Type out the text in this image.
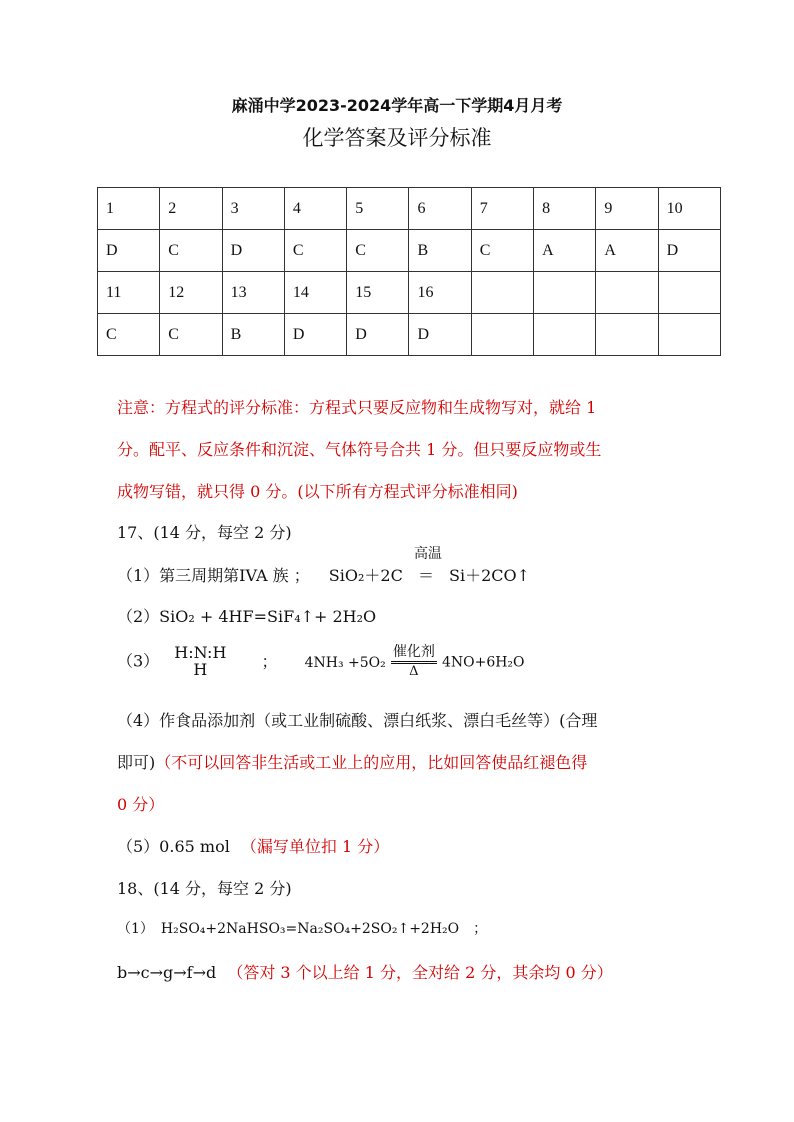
麻涌中学2023-2024学年高一下学期4月月考
化学答案及评分标准
1	2	3	4	5	6	7	8	9	10
D	C	D	C	C	B	C	A	A	D
11	12	13	14	15	16				
C	C	B	D	D	D				
注意：方程式的评分标准：方程式只要反应物和生成物写对，就给 1
分。配平、反应条件和沉淀、气体符号合共 1 分。但只要反应物或生
成物写错，就只得 0 分。(以下所有方程式评分标准相同)
17、(14 分，每空 2 分)
（1）第三周期第IVA 族 ； SiO₂＋2C
高温
＝ Si＋2CO↑
（2）SiO₂ + 4HF=SiF₄↑+ 2H₂O
（3） H:N:H
H	； $4NH_3 +5O_2 \frac{\text{催化剂}}{\Delta} 4NO+6H_2O$
（4）作食品添加剂（或工业制硫酸、漂白纸浆、漂白毛丝等）(合理
即可)（不可以回答非生活或工业上的应用，比如回答使品红褪色得
0 分）
（5）0.65 mol （漏写单位扣 1 分）
18、(14 分，每空 2 分)
（1）　H₂SO₄+2NaHSO₃=Na₂SO₄+2SO₂↑+2H₂O　；
b→c→g→f→d （答对 3 个以上给 1 分，全对给 2 分，其余均 0 分）
